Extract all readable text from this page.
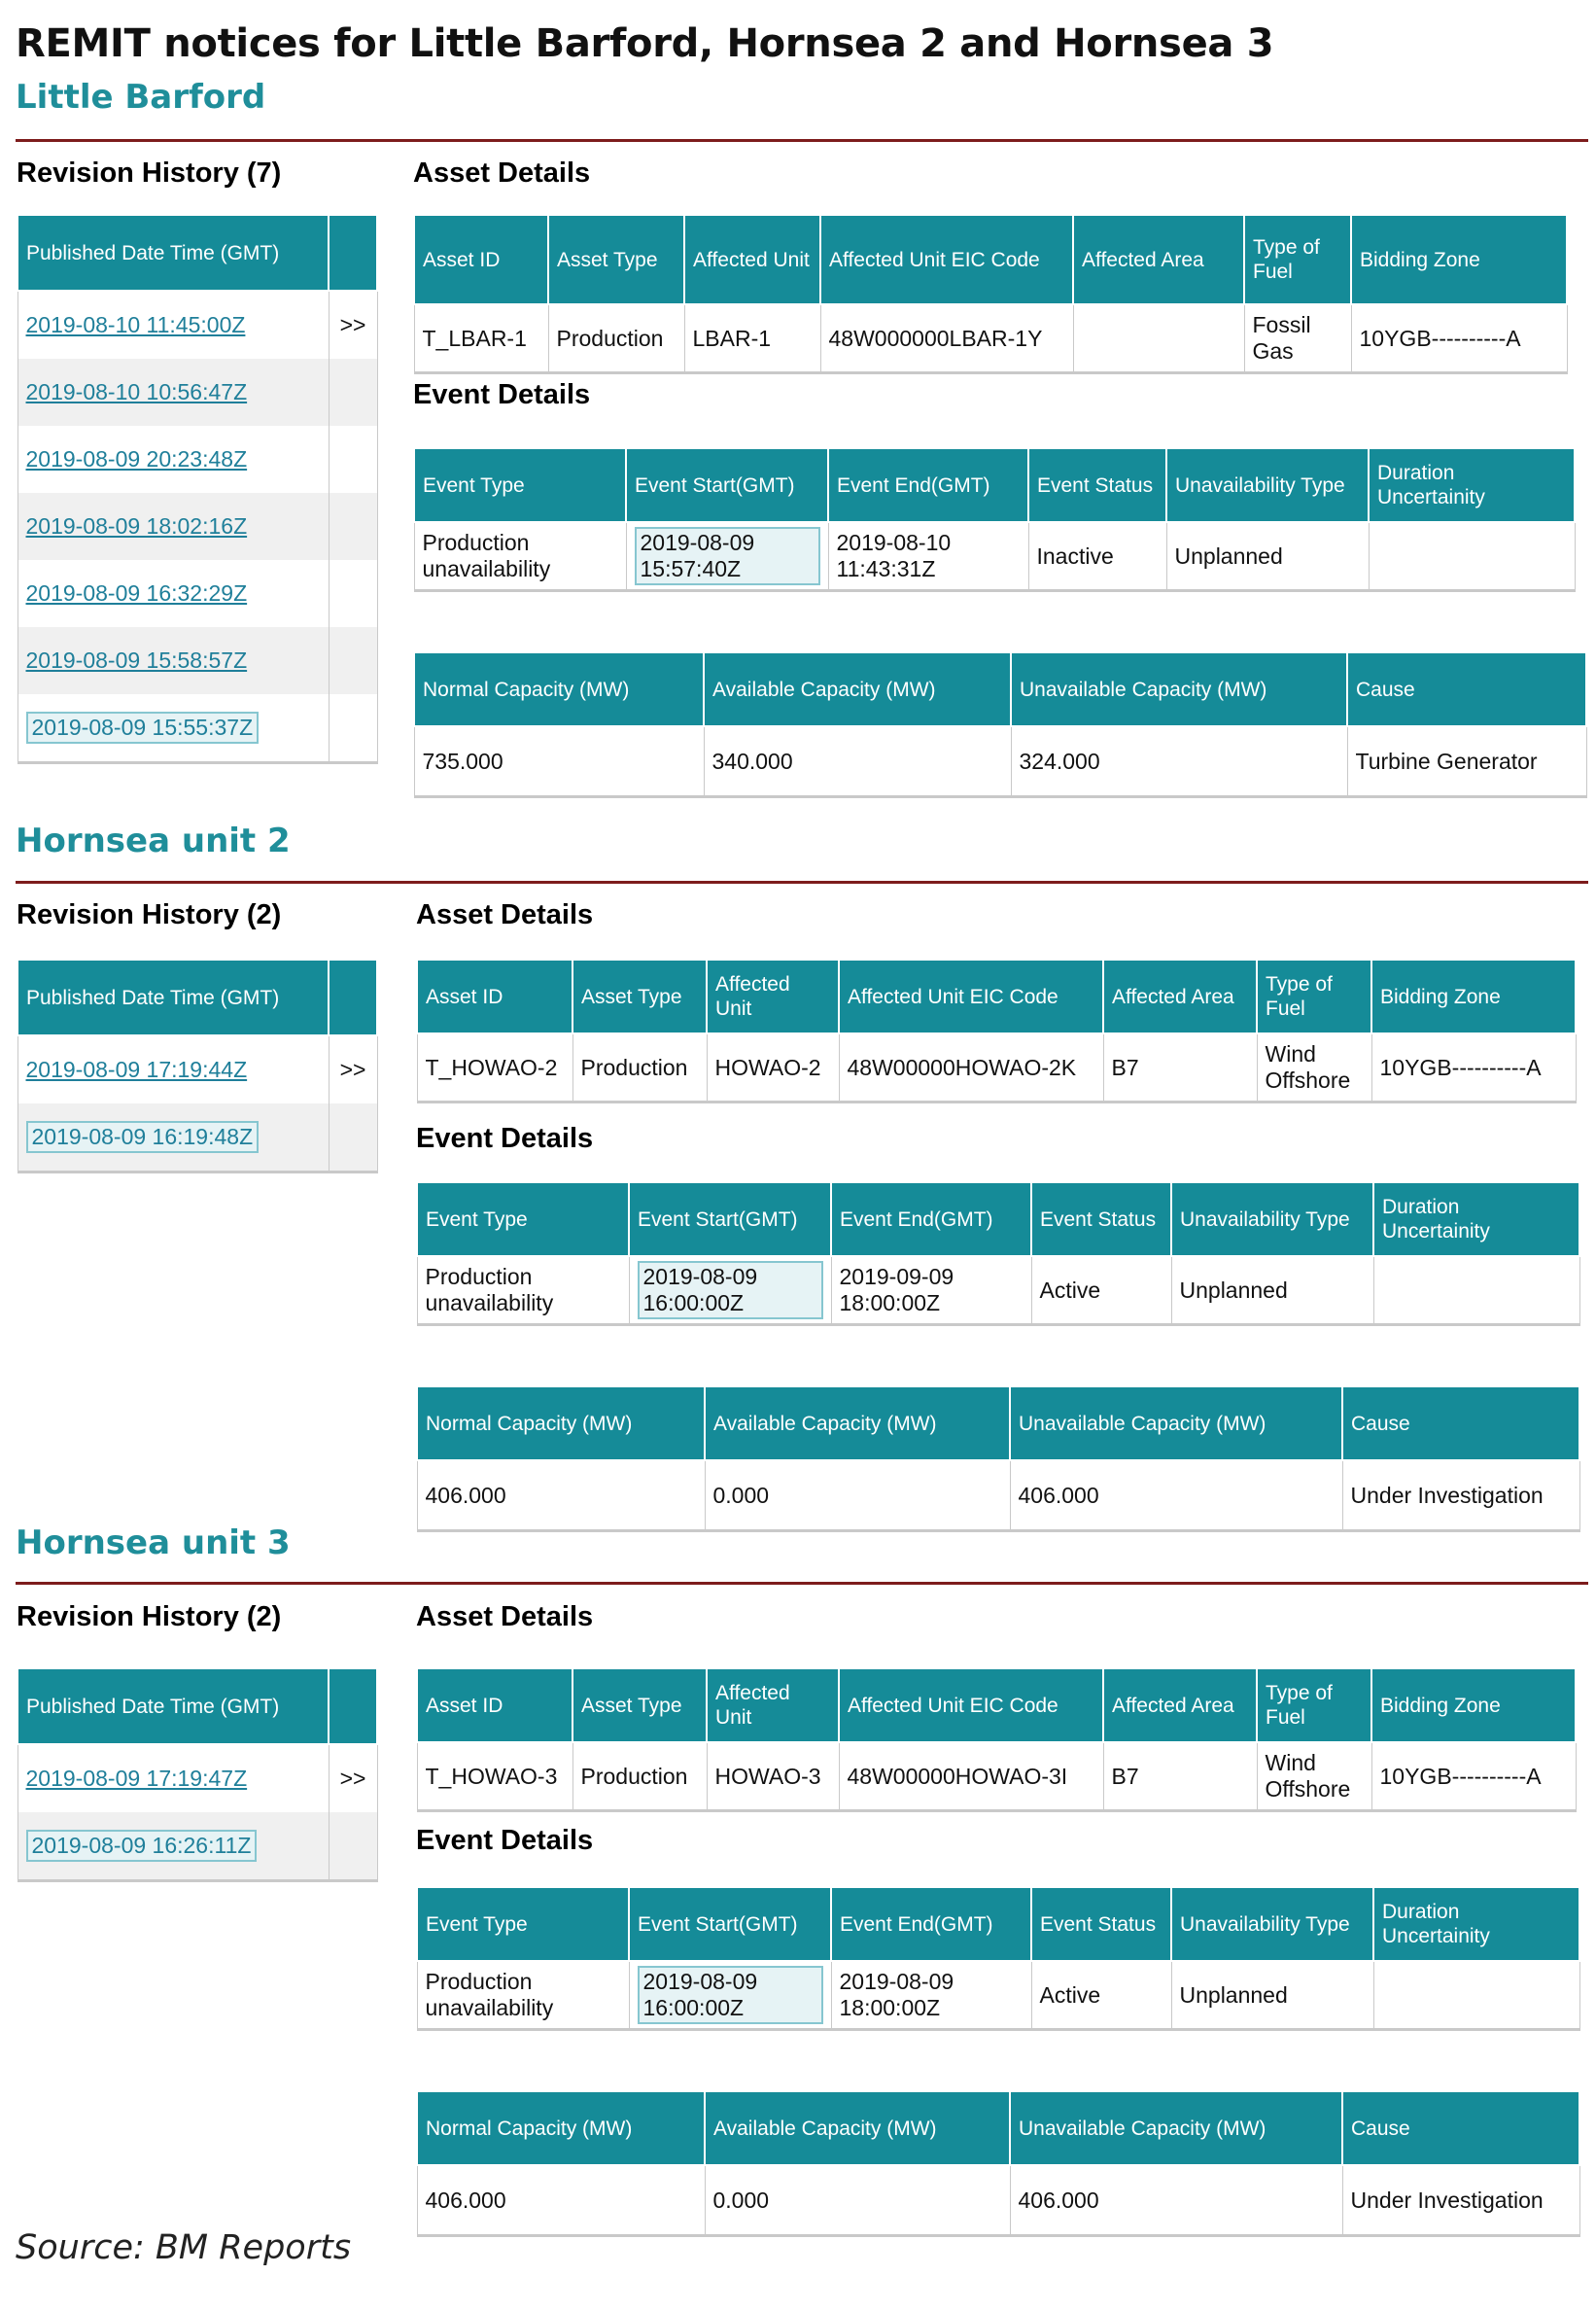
REMIT notices for Little Barford, Hornsea 2 and Hornsea 3
Little Barford
Revision History (7)
Published Date Time (GMT)	
2019-08-10 11:45:00Z	>>
2019-08-10 10:56:47Z	
2019-08-09 20:23:48Z	
2019-08-09 18:02:16Z	
2019-08-09 16:32:29Z	
2019-08-09 15:58:57Z	
2019-08-09 15:55:37Z	
Asset Details
Asset ID	Asset Type	Affected Unit	Affected Unit EIC Code	Affected Area	Type of Fuel	Bidding Zone
T_LBAR-1	Production	LBAR-1	48W000000LBAR-1Y		Fossil Gas	10YGB----------A
Event Details
Event Type	Event Start(GMT)	Event End(GMT)	Event Status	Unavailability Type	Duration Uncertainity
Production unavailability	2019-08-09 15:57:40Z	2019-08-10 11:43:31Z	Inactive	Unplanned	
Normal Capacity (MW)	Available Capacity (MW)	Unavailable Capacity (MW)	Cause
735.000	340.000	324.000	Turbine Generator
Hornsea unit 2
Revision History (2)
Published Date Time (GMT)	
2019-08-09 17:19:44Z	>>
2019-08-09 16:19:48Z	
Asset Details
Asset ID	Asset Type	Affected Unit	Affected Unit EIC Code	Affected Area	Type of Fuel	Bidding Zone
T_HOWAO-2	Production	HOWAO-2	48W00000HOWAO-2K	B7	Wind Offshore	10YGB----------A
Event Details
Event Type	Event Start(GMT)	Event End(GMT)	Event Status	Unavailability Type	Duration Uncertainity
Production unavailability	2019-08-09 16:00:00Z	2019-09-09 18:00:00Z	Active	Unplanned	
Normal Capacity (MW)	Available Capacity (MW)	Unavailable Capacity (MW)	Cause
406.000	0.000	406.000	Under Investigation
Hornsea unit 3
Revision History (2)
Published Date Time (GMT)	
2019-08-09 17:19:47Z	>>
2019-08-09 16:26:11Z	
Asset Details
Asset ID	Asset Type	Affected Unit	Affected Unit EIC Code	Affected Area	Type of Fuel	Bidding Zone
T_HOWAO-3	Production	HOWAO-3	48W00000HOWAO-3I	B7	Wind Offshore	10YGB----------A
Event Details
Event Type	Event Start(GMT)	Event End(GMT)	Event Status	Unavailability Type	Duration Uncertainity
Production unavailability	2019-08-09 16:00:00Z	2019-08-09 18:00:00Z	Active	Unplanned	
Normal Capacity (MW)	Available Capacity (MW)	Unavailable Capacity (MW)	Cause
406.000	0.000	406.000	Under Investigation
Source: BM Reports
